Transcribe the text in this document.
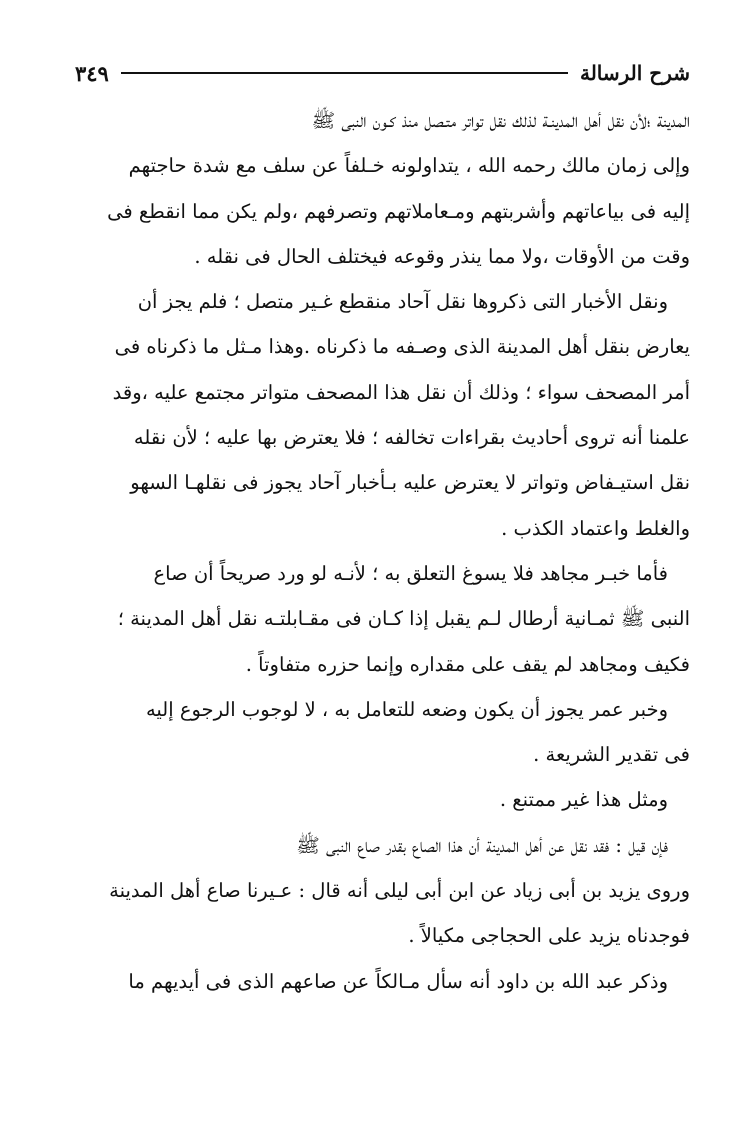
شرح الرسالة
٣٤٩
المدينة ؛لأن نقل أهل المدينـة لذلك نقل تواتر متـصل منذ كـون النبى ﷺ
وإلى زمان مالك رحمه الله ، يتداولونه خـلفاً عن سلف مع شدة حاجتهم
إليه فى بياعاتهم وأشربتهم ومـعاملاتهم وتصرفهم ،ولم يكن مما انقطع فى
وقت من الأوقات ،ولا مما ينذر وقوعه فيختلف الحال فى نقله .
ونقل الأخبار التى ذكروها نقل آحاد منقطع غـير متصل ؛ فلم يجز أن
يعارض بنقل أهل المدينة الذى وصـفه ما ذكرناه .وهذا مـثل ما ذكرناه فى
أمر المصحف سواء ؛ وذلك أن نقل هذا المصحف متواتر مجتمع عليه ،وقد
علمنا أنه تروى أحاديث بقراءات تخالفه ؛ فلا يعترض بها عليه ؛ لأن نقله
نقل استيـفاض وتواتر لا يعترض عليه بـأخبار آحاد يجوز فى نقلهـا السهو
والغلط واعتماد الكذب .
فأما خبـر مجاهد فلا يسوغ التعلق به ؛ لأنـه لو ورد صريحاً أن صاع
النبى ﷺ ثمـانية أرطال لـم يقبل إذا كـان فى مقـابلتـه نقل أهل المدينة ؛
فكيف ومجاهد لم يقف على مقداره وإنما حزره متفاوتاً .
وخبر عمر يجوز أن يكون وضعه للتعامل به ، لا لوجوب الرجوع إليه
فى تقدير الشريعة .
ومثل هذا غير ممتنع .
فإن قيل : فقد نقل عن أهل المدينة أن هذا الصاع بقدر صاع النبى ﷺ
وروى يزيد بن أبى زياد عن ابن أبى ليلى أنه قال : عـيرنا صاع أهل المدينة
فوجدناه يزيد على الحجاجى مكيالاً .
وذكر عبد الله بن داود أنه سأل مـالكاً عن صاعهم الذى فى أيديهم ما
